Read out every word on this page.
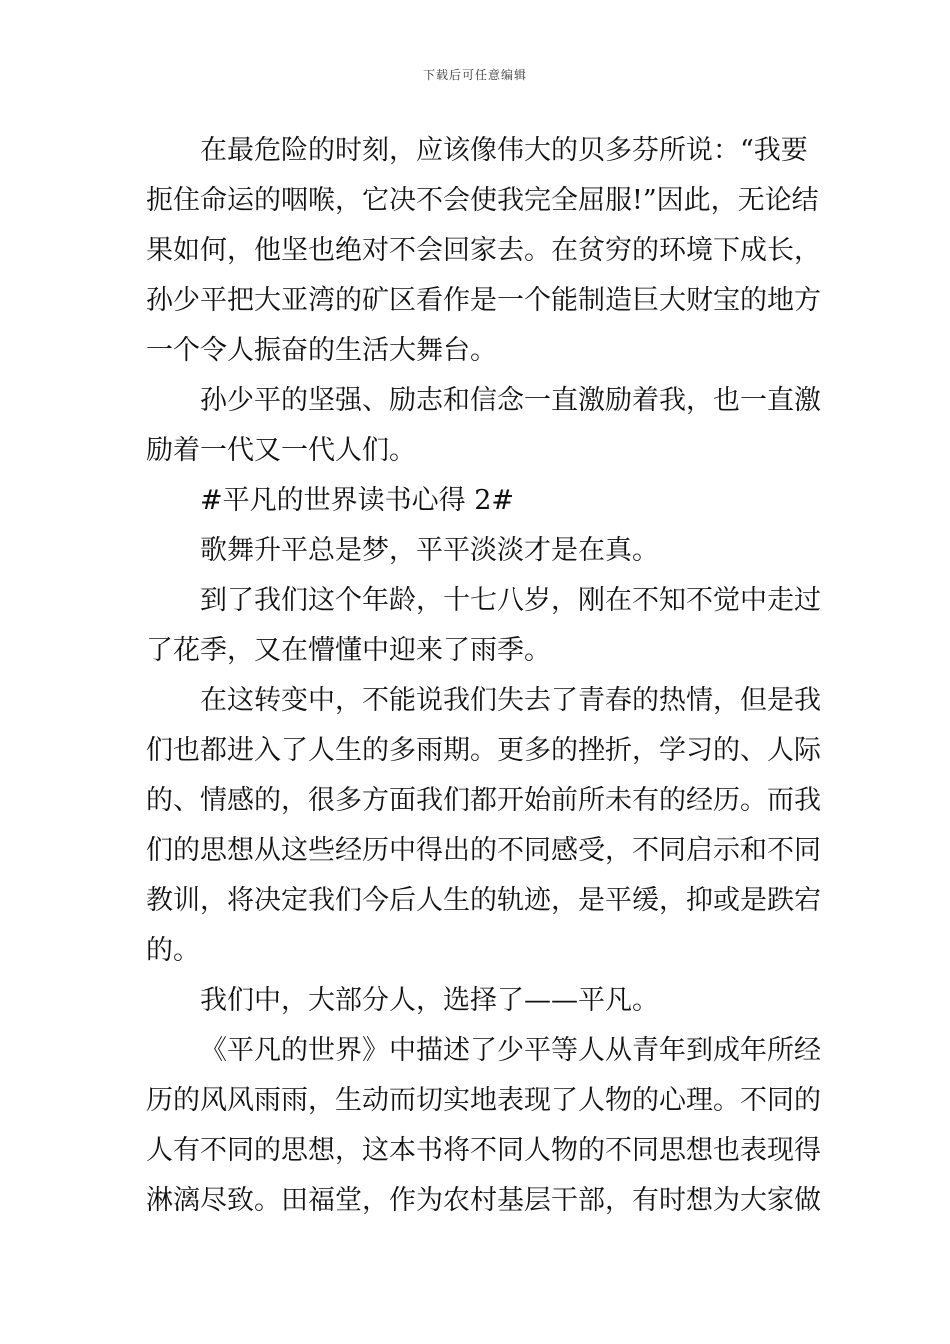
下载后可任意编辑
在最危险的时刻，应该像伟大的贝多芬所说：“我要
扼住命运的咽喉，它决不会使我完全屈服!”因此，无论结
果如何，他坚也绝对不会回家去。在贫穷的环境下成长，
孙少平把大亚湾的矿区看作是一个能制造巨大财宝的地方
一个令人振奋的生活大舞台。
孙少平的坚强、励志和信念一直激励着我，也一直激
励着一代又一代人们。
#平凡的世界读书心得 2#
歌舞升平总是梦，平平淡淡才是在真。
到了我们这个年龄，十七八岁，刚在不知不觉中走过
了花季，又在懵懂中迎来了雨季。
在这转变中，不能说我们失去了青春的热情，但是我
们也都进入了人生的多雨期。更多的挫折，学习的、人际
的、情感的，很多方面我们都开始前所未有的经历。而我
们的思想从这些经历中得出的不同感受，不同启示和不同
教训，将决定我们今后人生的轨迹，是平缓，抑或是跌宕
的。
我们中，大部分人，选择了——平凡。
《平凡的世界》中描述了少平等人从青年到成年所经
历的风风雨雨，生动而切实地表现了人物的心理。不同的
人有不同的思想，这本书将不同人物的不同思想也表现得
淋漓尽致。田福堂，作为农村基层干部，有时想为大家做
